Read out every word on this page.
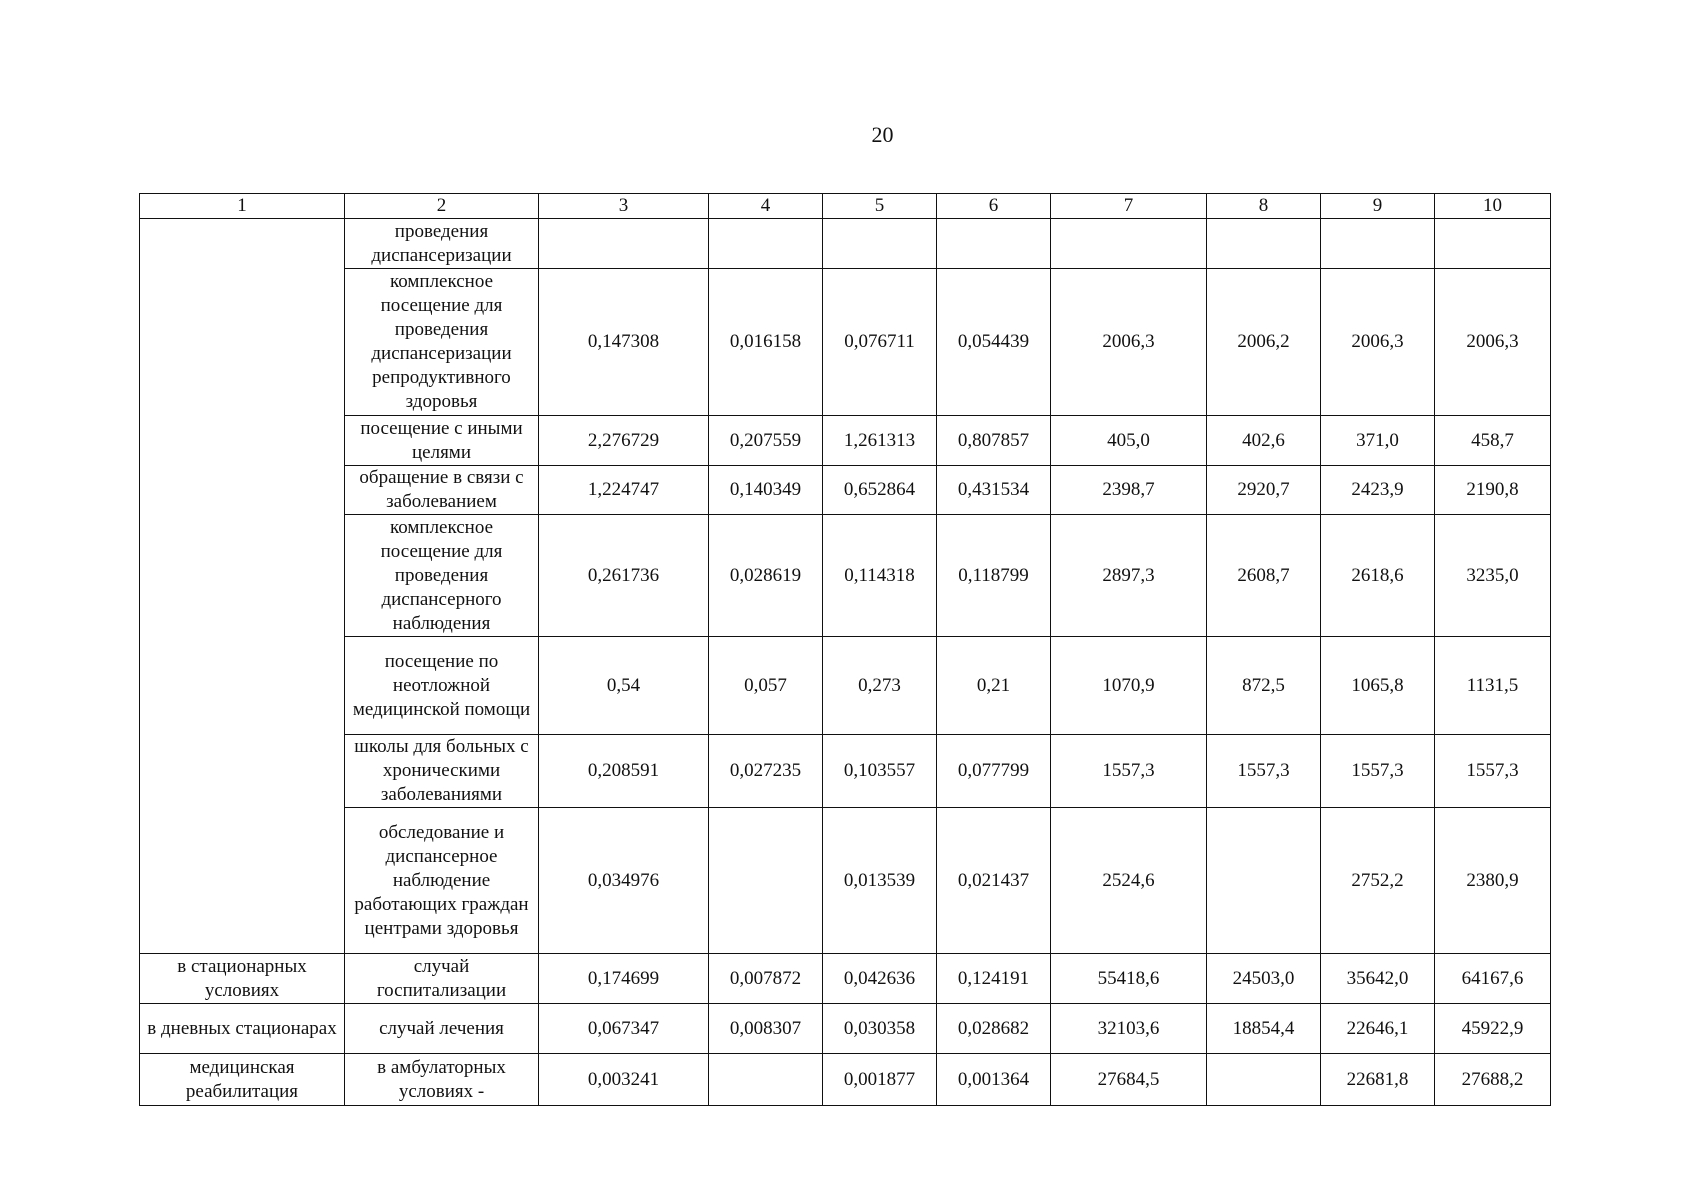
20
1	2	3	4	5	6	7	8	9	10
	проведения диспансеризации								
	комплексное посещение для проведения диспансеризации репродуктивного здоровья	0,147308	0,016158	0,076711	0,054439	2006,3	2006,2	2006,3	2006,3
	посещение с иными целями	2,276729	0,207559	1,261313	0,807857	405,0	402,6	371,0	458,7
	обращение в связи с заболеванием	1,224747	0,140349	0,652864	0,431534	2398,7	2920,7	2423,9	2190,8
	комплексное посещение для проведения диспансерного наблюдения	0,261736	0,028619	0,114318	0,118799	2897,3	2608,7	2618,6	3235,0
	посещение по неотложной медицинской помощи	0,54	0,057	0,273	0,21	1070,9	872,5	1065,8	1131,5
	школы для больных с хроническими заболеваниями	0,208591	0,027235	0,103557	0,077799	1557,3	1557,3	1557,3	1557,3
	обследование и диспансерное наблюдение работающих граждан центрами здоровья	0,034976		0,013539	0,021437	2524,6		2752,2	2380,9
в стационарных условиях	случай госпитализации	0,174699	0,007872	0,042636	0,124191	55418,6	24503,0	35642,0	64167,6
в дневных стационарах	случай лечения	0,067347	0,008307	0,030358	0,028682	32103,6	18854,4	22646,1	45922,9
медицинская реабилитация	в амбулаторных условиях -	0,003241		0,001877	0,001364	27684,5		22681,8	27688,2
